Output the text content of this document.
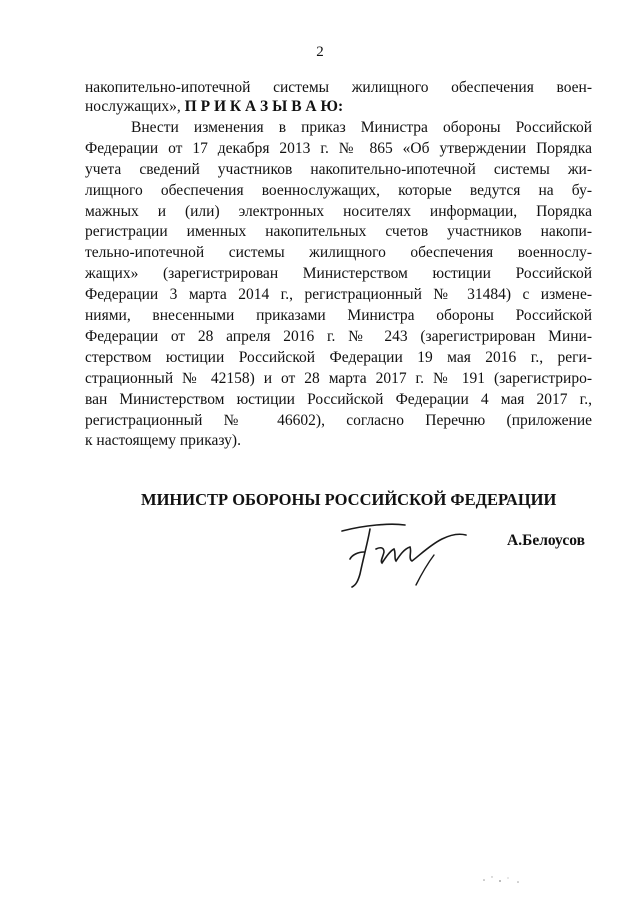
2
накопительно-ипотечной системы жилищного обеспечения воен-
нослужащих», П Р И К А З Ы В А Ю:
Внести изменения в приказ Министра обороны Российской
Федерации от 17 декабря 2013 г. № 865 «Об утверждении Порядка
учета сведений участников накопительно-ипотечной системы жи-
лищного обеспечения военнослужащих, которые ведутся на бу-
мажных и (или) электронных носителях информации, Порядка
регистрации именных накопительных счетов участников накопи-
тельно-ипотечной системы жилищного обеспечения военнослу-
жащих» (зарегистрирован Министерством юстиции Российской
Федерации 3 марта 2014 г., регистрационный № 31484) с измене-
ниями, внесенными приказами Министра обороны Российской
Федерации от 28 апреля 2016 г. № 243 (зарегистрирован Мини-
стерством юстиции Российской Федерации 19 мая 2016 г., реги-
страционный № 42158) и от 28 марта 2017 г. № 191 (зарегистриро-
ван Министерством юстиции Российской Федерации 4 мая 2017 г.,
регистрационный № 46602), согласно Перечню (приложение
к настоящему приказу).
МИНИСТР ОБОРОНЫ РОССИЙСКОЙ ФЕДЕРАЦИИ
А.Белоусов
